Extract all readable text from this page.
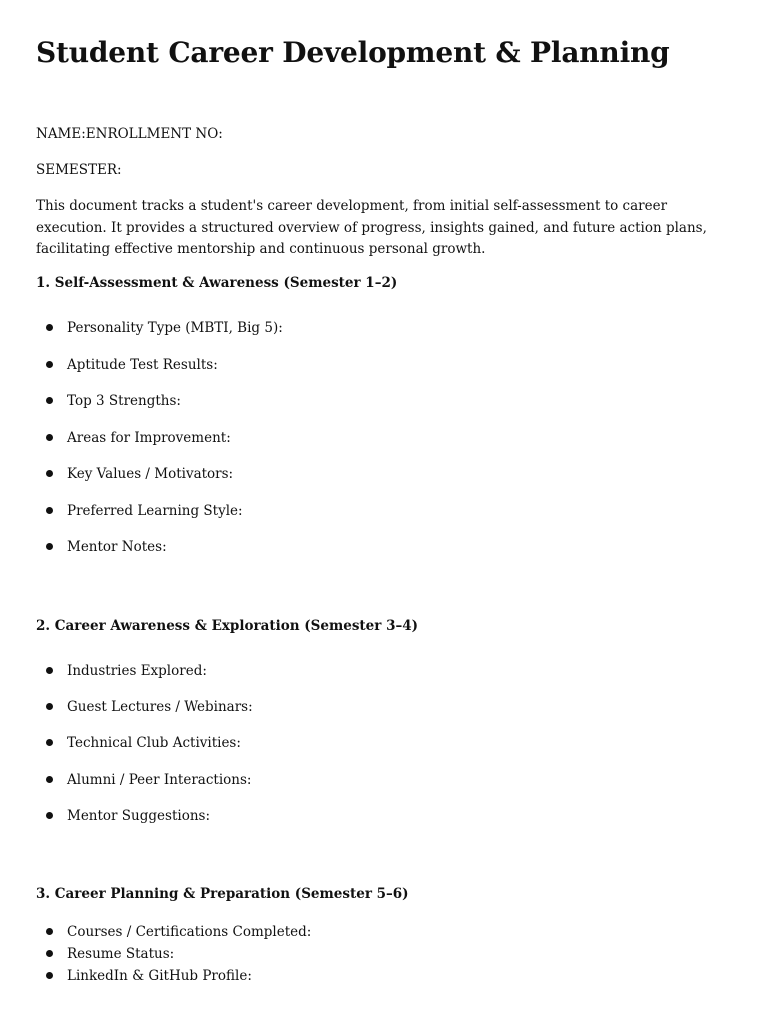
Student Career Development & Planning
NAME:ENROLLMENT NO:
SEMESTER:

This document tracks a student's career development, from initial self-assessment to career execution. It provides a structured overview of progress, insights gained, and future action plans, facilitating effective mentorship and continuous personal growth.

1. Self-Assessment & Awareness (Semester 1–2)
Personality Type (MBTI, Big 5):
Aptitude Test Results:
Top 3 Strengths:
Areas for Improvement:
Key Values / Motivators:
Preferred Learning Style:
Mentor Notes:
2. Career Awareness & Exploration (Semester 3–4)
Industries Explored:
Guest Lectures / Webinars:
Technical Club Activities:
Alumni / Peer Interactions:
Mentor Suggestions:
3. Career Planning & Preparation (Semester 5–6)
Courses / Certifications Completed:
Resume Status:
LinkedIn & GitHub Profile:
